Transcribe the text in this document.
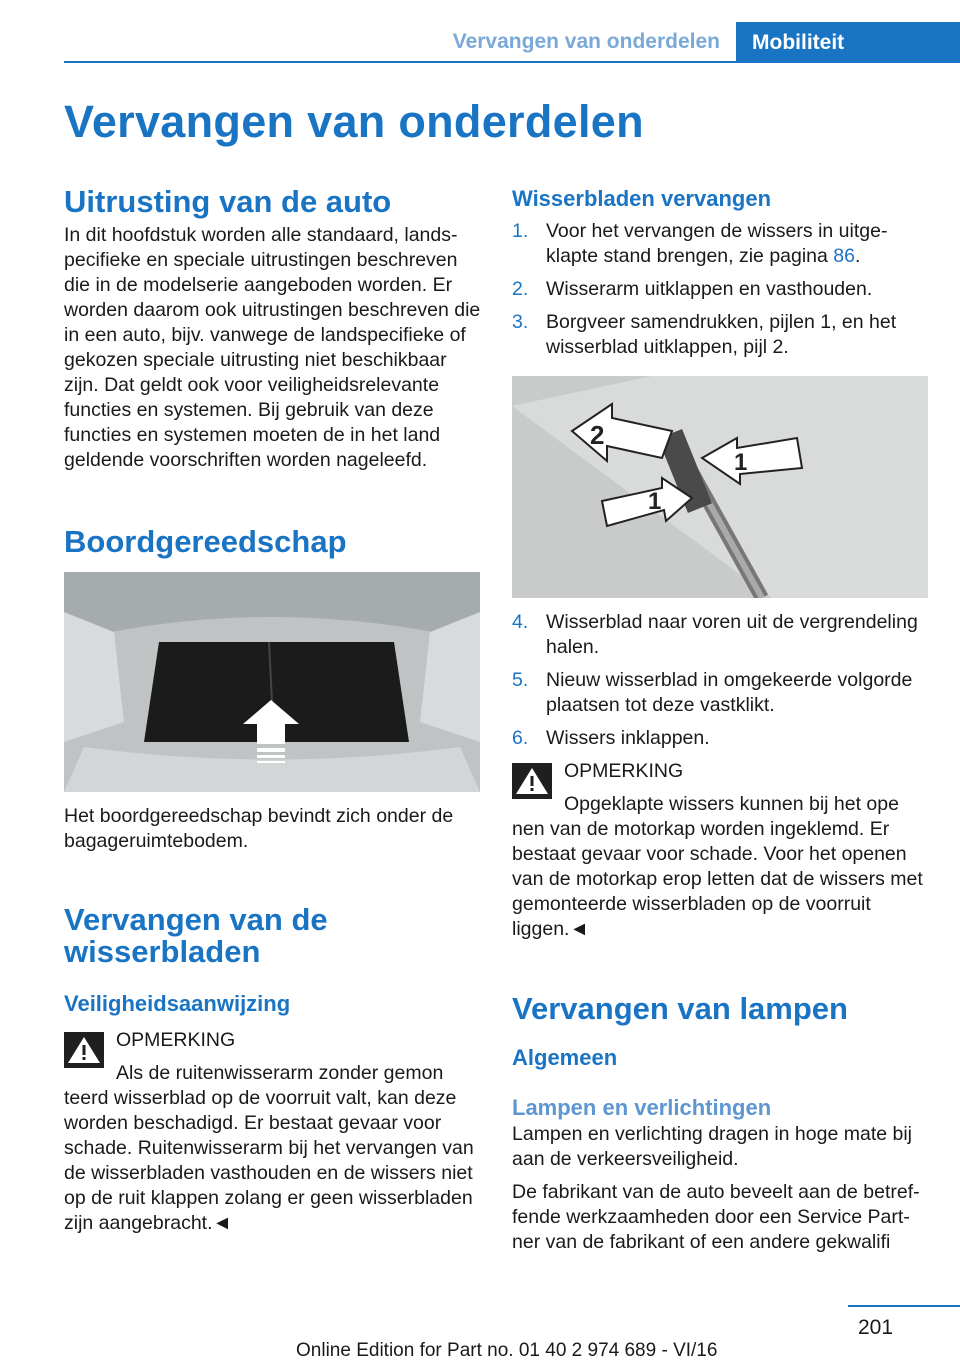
Vervangen van onderdelen	Mobiliteit
Vervangen van onderdelen
Uitrusting van de auto

In dit hoofdstuk worden alle standaard, landspecifieke en speciale uitrustingen beschreven die in de modelserie aangeboden worden. Er worden daarom ook uitrustingen beschreven die in een auto, bijv. vanwege de landspecifieke of gekozen speciale uitrusting niet beschikbaar zijn. Dat geldt ook voor veiligheidsrelevante functies en systemen. Bij gebruik van deze functies en systemen moeten de in het land geldende voorschriften worden nageleefd.

Boordgereedschap

Het boordgereedschap bevindt zich onder de bagageruimtebodem.

Vervangen van de wisserbladen
Veiligheidsaanwijzing
OPMERKING
Als de ruitenwisserarm zonder gemon
teerd wisserblad op de voorruit valt, kan deze worden beschadigd. Er bestaat gevaar voor schade. Ruitenwisserarm bij het vervangen van de wisserbladen vasthouden en de wissers niet op de ruit klappen zolang er geen wisserbladen zijn aangebracht.◄
Wisserbladen vervangen
1. Voor het vervangen de wissers in uitgeklapte stand brengen, zie pagina 86.
2. Wisserarm uitklappen en vasthouden.
3. Borgveer samendrukken, pijlen 1, en het wisserblad uitklappen, pijl 2.
2
1
1
4. Wisserblad naar voren uit de vergrendeling halen.
5. Nieuw wisserblad in omgekeerde volgorde plaatsen tot deze vastklikt.
6. Wissers inklappen.
OPMERKING
Opgeklapte wissers kunnen bij het ope
nen van de motorkap worden ingeklemd. Er bestaat gevaar voor schade. Voor het openen van de motorkap erop letten dat de wissers met gemonteerde wisserbladen op de voorruit liggen.◄
Vervangen van lampen
Algemeen
Lampen en verlichtingen

Lampen en verlichting dragen in hoge mate bij aan de verkeersveiligheid.

De fabrikant van de auto beveelt aan de betreffende werkzaamheden door een Service Partner van de fabrikant of een andere gekwalifi

201
Online Edition for Part no. 01 40 2 974 689 - VI/16
